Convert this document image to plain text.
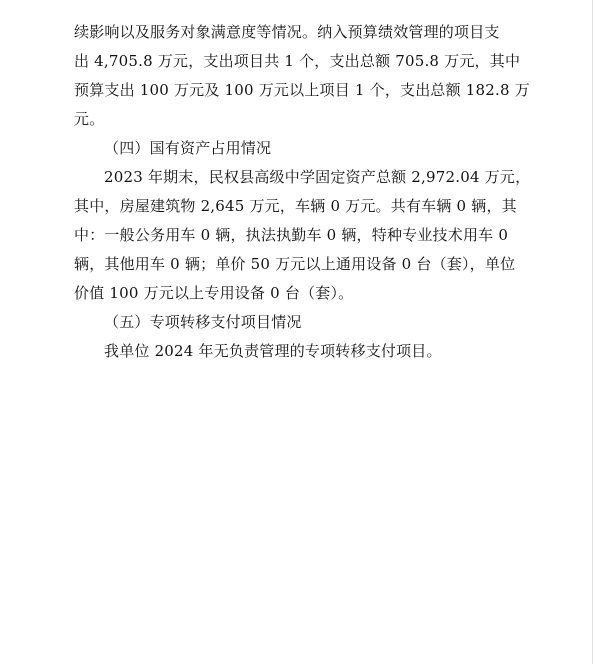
续影响以及服务对象满意度等情况。纳入预算绩效管理的项目支
出 4,705.8 万元，支出项目共 1 个，支出总额 705.8 万元，其中
预算支出 100 万元及 100 万元以上项目 1 个，支出总额 182.8 万
元。
（四）国有资产占用情况
2023 年期末，民权县高级中学固定资产总额 2,972.04 万元，
其中，房屋建筑物 2,645 万元，车辆 0 万元。共有车辆 0 辆，其
中：一般公务用车 0 辆，执法执勤车 0 辆，特种专业技术用车 0
辆，其他用车 0 辆；单价 50 万元以上通用设备 0 台（套），单位
价值 100 万元以上专用设备 0 台（套）。
（五）专项转移支付项目情况
我单位 2024 年无负责管理的专项转移支付项目。
